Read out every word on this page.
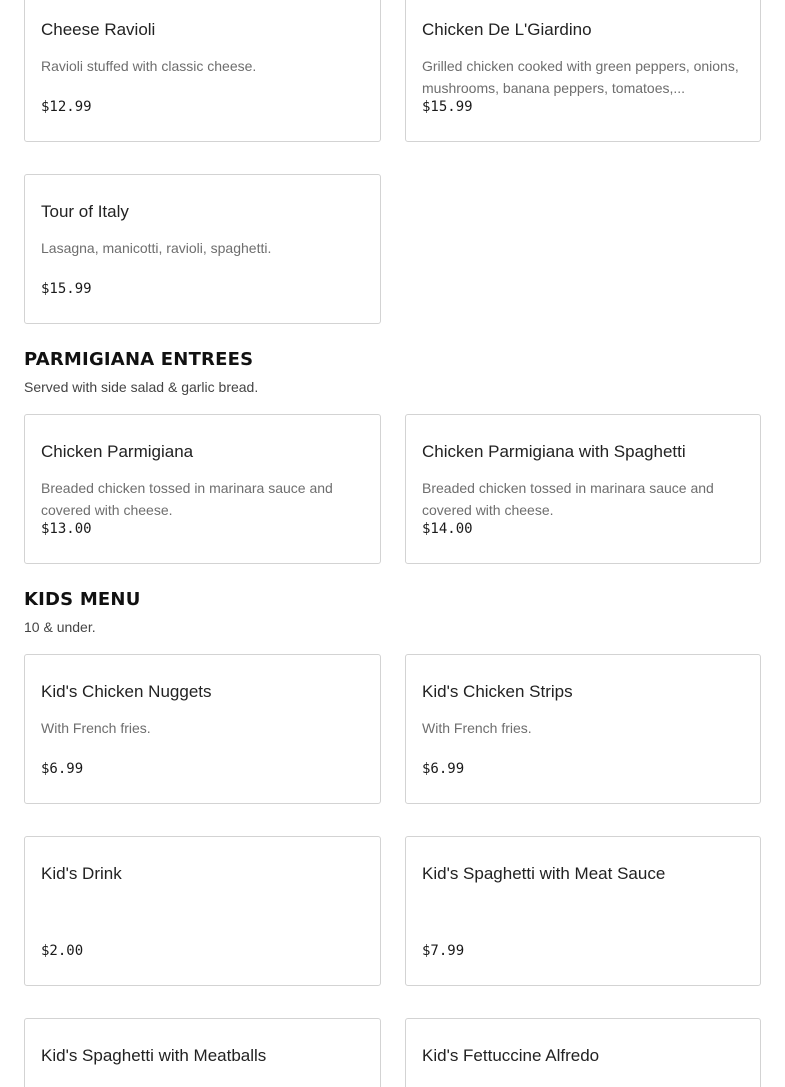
Cheese Ravioli
Ravioli stuffed with classic cheese.
$12.99
Chicken De L'Giardino
Grilled chicken cooked with green peppers, onions, mushrooms, banana peppers, tomatoes,...
$15.99
Tour of Italy
Lasagna, manicotti, ravioli, spaghetti.
$15.99
PARMIGIANA ENTREES

Served with side salad & garlic bread.

Chicken Parmigiana
Breaded chicken tossed in marinara sauce and covered with cheese.
$13.00
Chicken Parmigiana with Spaghetti
Breaded chicken tossed in marinara sauce and covered with cheese.
$14.00
KIDS MENU

10 & under.

Kid's Chicken Nuggets
With French fries.
$6.99
Kid's Chicken Strips
With French fries.
$6.99
Kid's Drink
$2.00
Kid's Spaghetti with Meat Sauce
$7.99
Kid's Spaghetti with Meatballs	Kid's Fettuccine Alfredo
